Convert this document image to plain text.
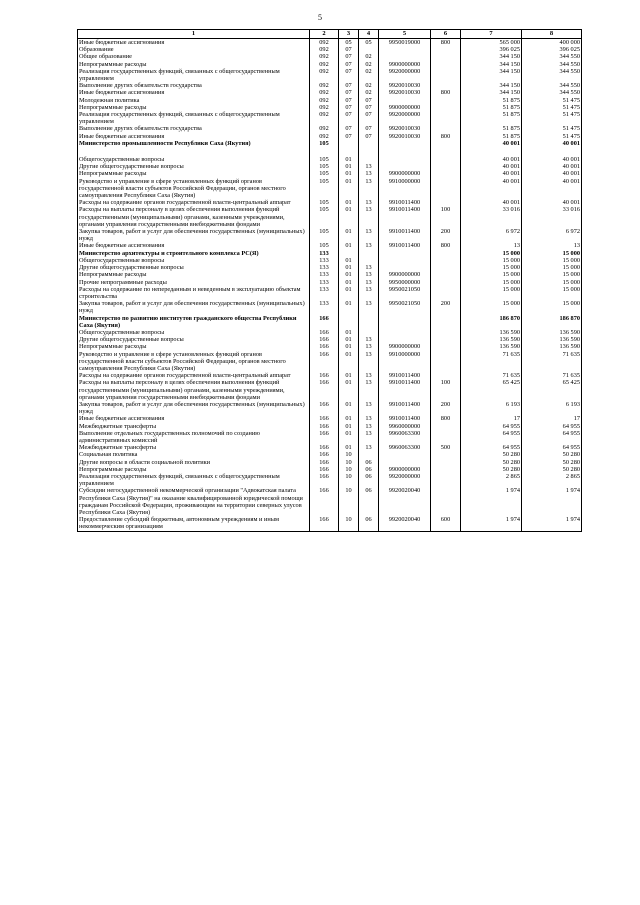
5
1	2	3	4	5	6	7	8
Иные бюджетные ассигнования	092	05	05	9950019000	800	565 000	400 000
Образование	092	07				396 025	396 025
Общее образование	092	07	02			344 150	344 550
Непрограммные расходы	092	07	02	9900000000		344 150	344 550
Реализация государственных функций, связанных с общегосударственным управлением	092	07	02	9920000000		344 150	344 550
Выполнение других обязательств государства	092	07	02	9920010030		344 150	344 550
Иные бюджетные ассигнования	092	07	02	9920010030	800	344 150	344 550
Молодежная политика	092	07	07			51 875	51 475
Непрограммные расходы	092	07	07	9900000000		51 875	51 475
Реализация государственных функций, связанных с общегосударственным управлением	092	07	07	9920000000		51 875	51 475
Выполнение других обязательств государства	092	07	07	9920010030		51 875	51 475
Иные бюджетные ассигнования	092	07	07	9920010030	800	51 875	51 475
Министерство промышленности Республики Саха (Якутия)	105					40 001	40 001
Общегосударственные вопросы	105	01				40 001	40 001
Другие общегосударственные вопросы	105	01	13			40 001	40 001
Непрограммные расходы	105	01	13	9900000000		40 001	40 001
Руководство и управление в сфере установленных функций органов государственной власти субъектов Российской Федерации, органов местного самоуправления Республики Саха (Якутия)	105	01	13	9910000000		40 001	40 001
Расходы на содержание органов государственной власти-центральный аппарат	105	01	13	9910011400		40 001	40 001
Расходы на выплаты персоналу в целях обеспечения выполнения функций государственными (муниципальными) органами, казенными учреждениями, органами управления государственными внебюджетными фондами	105	01	13	9910011400	100	33 016	33 016
Закупка товаров, работ и услуг для обеспечения государственных (муниципальных) нужд	105	01	13	9910011400	200	6 972	6 972
Иные бюджетные ассигнования	105	01	13	9910011400	800	13	13
Министерство архитектуры и строительного комплекса РС(Я)	133					15 000	15 000
Общегосударственные вопросы	133	01				15 000	15 000
Другие общегосударственные вопросы	133	01	13			15 000	15 000
Непрограммные расходы	133	01	13	9900000000		15 000	15 000
Прочие непрограммные расходы	133	01	13	9950000000		15 000	15 000
Расходы на содержание по непереданным и неведенным в эксплуатацию объектам строительства	133	01	13	9950021050		15 000	15 000
Закупка товаров, работ и услуг для обеспечения государственных (муниципальных) нужд	133	01	13	9950021050	200	15 000	15 000
Министерство по развитию институтов гражданского общества Республики Саха (Якутия)	166					186 870	186 870
Общегосударственные вопросы	166	01				136 590	136 590
Другие общегосударственные вопросы	166	01	13			136 590	136 590
Непрограммные расходы	166	01	13	9900000000		136 590	136 590
Руководство и управление в сфере установленных функций органов государственной власти субъектов Российской Федерации, органов местного самоуправления Республики Саха (Якутия)	166	01	13	9910000000		71 635	71 635
Расходы на содержание органов государственной власти-центральный аппарат	166	01	13	9910011400		71 635	71 635
Расходы на выплаты персоналу в целях обеспечения выполнения функций государственными (муниципальными) органами, казенными учреждениями, органами управления государственными внебюджетными фондами	166	01	13	9910011400	100	65 425	65 425
Закупка товаров, работ и услуг для обеспечения государственных (муниципальных) нужд	166	01	13	9910011400	200	6 193	6 193
Иные бюджетные ассигнования	166	01	13	9910011400	800	17	17
Межбюджетные трансферты	166	01	13	9960000000		64 955	64 955
Выполнение отдельных государственных полномочий по созданию административных комиссий	166	01	13	9960063300		64 955	64 955
Межбюджетные трансферты	166	01	13	9960063300	500	64 955	64 955
Социальная политика	166	10				50 280	50 280
Другие вопросы в области социальной политики	166	10	06			50 280	50 280
Непрограммные расходы	166	10	06	9900000000		50 280	50 280
Реализация государственных функций, связанных с общегосударственным управлением	166	10	06	9920000000		2 865	2 865
Субсидии негосударственной некоммерческой организации "Адвокатская палата Республики Саха (Якутия)" на оказание квалифицированной юридической помощи гражданам Российской Федерации, проживающим на территории северных улусов Республики Саха (Якутия)	166	10	06	9920020040		1 974	1 974
Предоставление субсидий бюджетным, автономным учреждениям и иным некоммерческим организациям	166	10	06	9920020040	600	1 974	1 974
